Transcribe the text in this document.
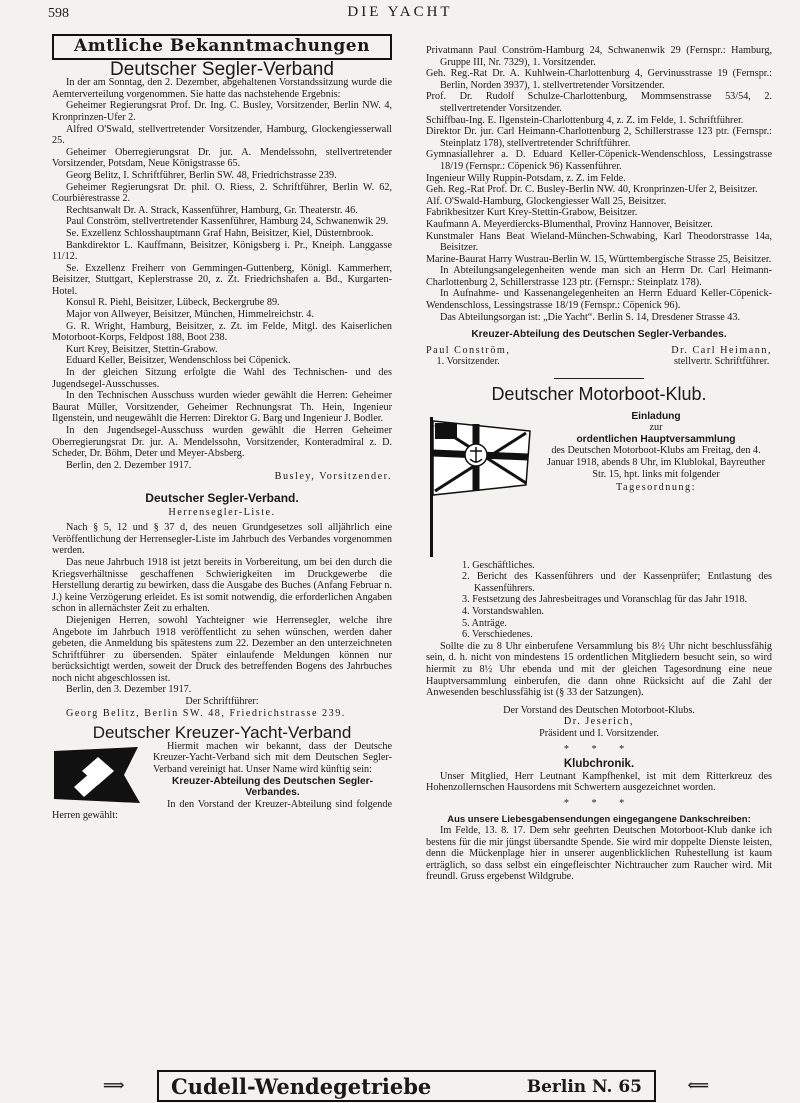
598	DIE YACHT
Amtliche Bekanntmachungen
Deutscher Segler-Verband

In der am Sonntag, den 2. Dezember, abgehaltenen Vorstandssitzung wurde die Aemterverteilung vorgenommen. Sie hatte das nachstehende Ergebnis:

Geheimer Regierungsrat Prof. Dr. Ing. C. Busley, Vorsitzender, Berlin NW. 4, Kronprinzen-Ufer 2.

Alfred O'Swald, stellvertretender Vorsitzender, Hamburg, Glockengiesserwall 25.

Geheimer Oberregierungsrat Dr. jur. A. Mendelssohn, stellvertretender Vorsitzender, Potsdam, Neue Königstrasse 65.

Georg Belitz, I. Schriftführer, Berlin SW. 48, Friedrichstrasse 239.

Geheimer Regierungsrat Dr. phil. O. Riess, 2. Schriftführer, Berlin W. 62, Courbièrestrasse 2.

Rechtsanwalt Dr. A. Strack, Kassenführer, Hamburg, Gr. Theaterstr. 46.

Paul Conström, stellvertretender Kassenführer, Hamburg 24, Schwanenwik 29.

Se. Exzellenz Schlosshauptmann Graf Hahn, Beisitzer, Kiel, Düsternbrook.

Bankdirektor L. Kauffmann, Beisitzer, Königsberg i. Pr., Kneiph. Langgasse 11/12.

Se. Exzellenz Freiherr von Gemmingen-Guttenberg, Königl. Kammerherr, Beisitzer, Stuttgart, Keplerstrasse 20, z. Zt. Friedrichshafen a. Bd., Kurgarten-Hotel.

Konsul R. Piehl, Beisitzer, Lübeck, Beckergrube 89.

Major von Allweyer, Beisitzer, München, Himmelreichstr. 4.

G. R. Wright, Hamburg, Beisitzer, z. Zt. im Felde, Mitgl. des Kaiserlichen Motorboot-Korps, Feldpost 188, Boot 238.

Kurt Krey, Beisitzer, Stettin-Grabow.

Eduard Keller, Beisitzer, Wendenschloss bei Cöpenick.

In der gleichen Sitzung erfolgte die Wahl des Technischen- und des Jugendsegel-Ausschusses.

In den Technischen Ausschuss wurden wieder gewählt die Herren: Geheimer Baurat Müller, Vorsitzender, Geheimer Rechnungsrat Th. Hein, Ingenieur Ilgenstein, und neugewählt die Herren: Direktor G. Barg und Ingenieur J. Bodler.

In den Jugendsegel-Ausschuss wurden gewählt die Herren Geheimer Oberregierungsrat Dr. jur. A. Mendelssohn, Vorsitzender, Konteradmiral z. D. Scheder, Dr. Böhm, Deter und Meyer-Absberg.

Berlin, den 2. Dezember 1917.

Busley, Vorsitzender.

Deutscher Segler-Verband.
Herrensegler-Liste.

Nach § 5, 12 und § 37 d, des neuen Grundgesetzes soll alljährlich eine Veröffentlichung der Herrensegler-Liste im Jahrbuch des Verbandes vorgenommen werden.

Das neue Jahrbuch 1918 ist jetzt bereits in Vorbereitung, um bei den durch die Kriegsverhältnisse geschaffenen Schwierigkeiten im Druckgewerbe die Herstellung derartig zu bewirken, dass die Ausgabe des Buches (Anfang Februar n. J.) keine Verzögerung erleidet. Es ist somit notwendig, die erforderlichen Angaben schon in allernächster Zeit zu erhalten.

Diejenigen Herren, sowohl Yachteigner wie Herrensegler, welche ihre Angebote im Jahrbuch 1918 veröffentlicht zu sehen wünschen, werden daher gebeten, die Anmeldung bis spätestens zum 22. Dezember an den unterzeichneten Schriftführer zu übersenden. Später einlaufende Meldungen können nur berücksichtigt werden, soweit der Druck des betreffenden Bogens des Jahrbuches noch nicht abgeschlossen ist.

Berlin, den 3. Dezember 1917.

Der Schriftführer:

Georg Belitz, Berlin SW. 48, Friedrichstrasse 239.

Deutscher Kreuzer-Yacht-Verband

Hiermit machen wir bekannt, dass der Deutsche Kreuzer-Yacht-Verband sich mit dem Deutschen Segler-Verband vereinigt hat. Unser Name wird künftig sein:

Kreuzer-Abteilung des Deutschen Segler-Verbandes.

In den Vorstand der Kreuzer-Abteilung sind folgende Herren gewählt:

Privatmann Paul Conström-Hamburg 24, Schwanenwik 29 (Fernspr.: Hamburg, Gruppe III, Nr. 7329), 1. Vorsitzender.

Geh. Reg.-Rat Dr. A. Kuhlwein-Charlottenburg 4, Gervinusstrasse 19 (Fernspr.: Berlin, Norden 3937), 1. stellvertretender Vorsitzender.

Prof. Dr. Rudolf Schulze-Charlottenburg, Mommsenstrasse 53/54, 2. stellvertretender Vorsitzender.

Schiffbau-Ing. E. Ilgenstein-Charlottenburg 4, z. Z. im Felde, 1. Schriftführer.

Direktor Dr. jur. Carl Heimann-Charlottenburg 2, Schillerstrasse 123 ptr. (Fernspr.: Steinplatz 178), stellvertretender Schriftführer.

Gymnasiallehrer a. D. Eduard Keller-Cöpenick-Wendenschloss, Lessingstrasse 18/19 (Fernspr.: Cöpenick 96) Kassenführer.

Ingenieur Willy Ruppin-Potsdam, z. Z. im Felde.

Geh. Reg.-Rat Prof. Dr. C. Busley-Berlin NW. 40, Kronprinzen-Ufer 2, Beisitzer.

Alf. O'Swald-Hamburg, Glockengiesser Wall 25, Beisitzer.

Fabrikbesitzer Kurt Krey-Stettin-Grabow, Beisitzer.

Kaufmann A. Meyerdiercks-Blumenthal, Provinz Hannover, Beisitzer.

Kunstmaler Hans Beat Wieland-München-Schwabing, Karl Theodorstrasse 14a, Beisitzer.

Marine-Baurat Harry Wustrau-Berlin W. 15, Württembergische Strasse 25, Beisitzer.

In Abteilungsangelegenheiten wende man sich an Herrn Dr. Carl Heimann-Charlottenburg 2, Schillerstrasse 123 ptr. (Fernspr.: Steinplatz 178).

In Aufnahme- und Kassenangelegenheiten an Herrn Eduard Keller-Cöpenick-Wendenschloss, Lessingstrasse 18/19 (Fernspr.: Cöpenick 96).

Das Abteilungsorgan ist: „Die Yacht“. Berlin S. 14, Dresdener Strasse 43.

Kreuzer-Abteilung des Deutschen Segler-Verbandes.

Paul Conström,
1. Vorsitzender.
Dr. Carl Heimann,
stellvertr. Schriftführer.
Deutscher Motorboot-Klub.

Einladung

zur

ordentlichen Hauptversammlung

des Deutschen Motorboot-Klubs am Freitag, den 4. Januar 1918, abends 8 Uhr, im Klublokal, Bayreuther Str. 15, hpt. links mit folgender

Tagesordnung:

1. Geschäftliches.
2. Bericht des Kassenführers und der Kassenprüfer; Entlastung des Kassenführers.
3. Festsetzung des Jahresbeitrages und Voranschlag für das Jahr 1918.
4. Vorstandswahlen.
5. Anträge.
6. Verschiedenes.

Sollte die zu 8 Uhr einberufene Versammlung bis 8½ Uhr nicht beschlussfähig sein, d. h. nicht von mindestens 15 ordentlichen Mitgliedern besucht sein, so wird hiermit zu 8½ Uhr ebenda und mit der gleichen Tagesordnung eine neue Hauptversammlung einberufen, die dann ohne Rücksicht auf die Zahl der Anwesenden beschlussfähig ist (§ 33 der Satzungen).

Der Vorstand des Deutschen Motorboot-Klubs.

Dr. Jeserich,

Präsident und I. Vorsitzender.

* * *

Klubchronik.

Unser Mitglied, Herr Leutnant Kampfhenkel, ist mit dem Ritterkreuz des Hohenzollernschen Hausordens mit Schwertern ausgezeichnet worden.

* * *

Aus unsere Liebesgabensendungen eingegangene Dankschreiben:

Im Felde, 13. 8. 17. Dem sehr geehrten Deutschen Motorboot-Klub danke ich bestens für die mir jüngst übersandte Spende. Sie wird mir doppelte Dienste leisten, denn die Mückenplage hier in unserer augenblicklichen Ruhestellung ist kaum erträglich, so dass selbst ein eingefleischter Nichtraucher zum Raucher wird. Mit freundl. Gruss ergebenst Wildgrube.

⟹ Cudell-Wendegetriebe	Berlin N. 65	⟸
